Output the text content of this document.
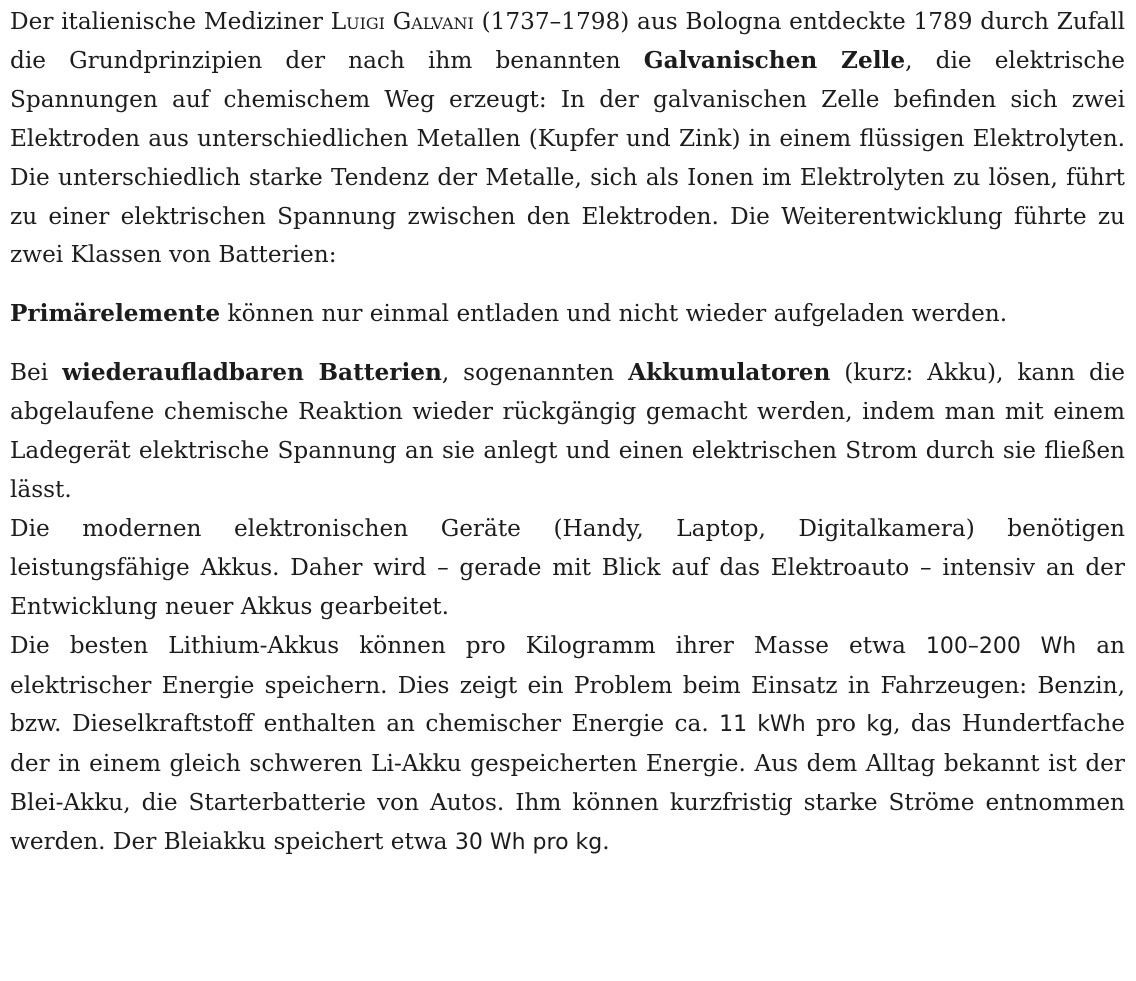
Der italienische Mediziner Luigi Galvani (1737–1798) aus Bologna entdeckte 1789 durch Zufall die Grundprinzipien der nach ihm benannten Galvanischen Zelle, die elektrische Spannungen auf chemischem Weg erzeugt: In der galvanischen Zelle befinden sich zwei Elektroden aus unterschiedlichen Metallen (Kupfer und Zink) in einem flüssigen Elektrolyten. Die unterschiedlich starke Tendenz der Metalle, sich als Ionen im Elektrolyten zu lösen, führt zu einer elektrischen Spannung zwischen den Elektroden. Die Weiterentwicklung führte zu zwei Klassen von Batterien:

Primärelemente können nur einmal entladen und nicht wieder aufgeladen werden.

Bei wiederaufladbaren Batterien, sogenannten Akkumulatoren (kurz: Akku), kann die abgelaufene chemische Reaktion wieder rückgängig gemacht werden, indem man mit einem Ladegerät elektrische Spannung an sie anlegt und einen elektrischen Strom durch sie fließen lässt.

Die modernen elektronischen Geräte (Handy, Laptop, Digitalkamera) benötigen leistungsfähige Akkus. Daher wird – gerade mit Blick auf das Elektroauto – intensiv an der Entwicklung neuer Akkus gearbeitet.

Die besten Lithium-Akkus können pro Kilogramm ihrer Masse etwa 100–200 Wh an elektrischer Energie speichern. Dies zeigt ein Problem beim Einsatz in Fahrzeugen: Benzin, bzw. Dieselkraftstoff enthalten an chemischer Energie ca. 11 kWh pro kg, das Hundertfache der in einem gleich schweren Li-Akku gespeicherten Energie. Aus dem Alltag bekannt ist der Blei-Akku, die Starterbatterie von Autos. Ihm können kurzfristig starke Ströme entnommen werden. Der Bleiakku speichert etwa 30 Wh pro kg.
